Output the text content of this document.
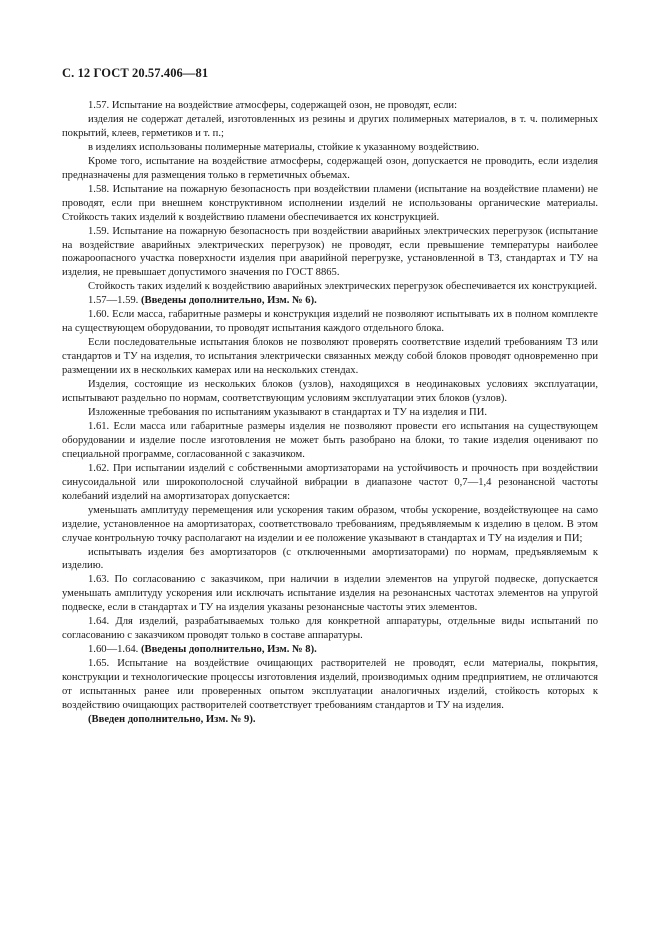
С. 12 ГОСТ 20.57.406—81

1.57. Испытание на воздействие атмосферы, содержащей озон, не проводят, если:

изделия не содержат деталей, изготовленных из резины и других полимерных материалов, в т. ч. полимерных покрытий, клеев, герметиков и т. п.;

в изделиях использованы полимерные материалы, стойкие к указанному воздействию.

Кроме того, испытание на воздействие атмосферы, содержащей озон, допускается не проводить, если изделия предназначены для размещения только в герметичных объемах.

1.58. Испытание на пожарную безопасность при воздействии пламени (испытание на воздействие пламени) не проводят, если при внешнем конструктивном исполнении изделий не использованы органические материалы. Стойкость таких изделий к воздействию пламени обеспечивается их конструкцией.

1.59. Испытание на пожарную безопасность при воздействии аварийных электрических перегрузок (испытание на воздействие аварийных электрических перегрузок) не проводят, если превышение температуры наиболее пожароопасного участка поверхности изделия при аварийной перегрузке, установленной в ТЗ, стандартах и ТУ на изделия, не превышает допустимого значения по ГОСТ 8865.

Стойкость таких изделий к воздействию аварийных электрических перегрузок обеспечивается их конструкцией.

1.57—1.59. (Введены дополнительно, Изм. № 6).

1.60. Если масса, габаритные размеры и конструкция изделий не позволяют испытывать их в полном комплекте на существующем оборудовании, то проводят испытания каждого отдельного блока.

Если последовательные испытания блоков не позволяют проверять соответствие изделий требованиям ТЗ или стандартов и ТУ на изделия, то испытания электрически связанных между собой блоков проводят одновременно при размещении их в нескольких камерах или на нескольких стендах.

Изделия, состоящие из нескольких блоков (узлов), находящихся в неодинаковых условиях эксплуатации, испытывают раздельно по нормам, соответствующим условиям эксплуатации этих блоков (узлов).

Изложенные требования по испытаниям указывают в стандартах и ТУ на изделия и ПИ.

1.61. Если масса или габаритные размеры изделия не позволяют провести его испытания на существующем оборудовании и изделие после изготовления не может быть разобрано на блоки, то такие изделия оценивают по специальной программе, согласованной с заказчиком.

1.62. При испытании изделий с собственными амортизаторами на устойчивость и прочность при воздействии синусоидальной или широкополосной случайной вибрации в диапазоне частот 0,7—1,4 резонансной частоты колебаний изделий на амортизаторах допускается:

уменьшать амплитуду перемещения или ускорения таким образом, чтобы ускорение, воздействующее на само изделие, установленное на амортизаторах, соответствовало требованиям, предъявляемым к изделию в целом. В этом случае контрольную точку располагают на изделии и ее положение указывают в стандартах и ТУ на изделия и ПИ;

испытывать изделия без амортизаторов (с отключенными амортизаторами) по нормам, предъявляемым к изделию.

1.63. По согласованию с заказчиком, при наличии в изделии элементов на упругой подвеске, допускается уменьшать амплитуду ускорения или исключать испытание изделия на резонансных частотах элементов на упругой подвеске, если в стандартах и ТУ на изделия указаны резонансные частоты этих элементов.

1.64. Для изделий, разрабатываемых только для конкретной аппаратуры, отдельные виды испытаний по согласованию с заказчиком проводят только в составе аппаратуры.

1.60—1.64. (Введены дополнительно, Изм. № 8).

1.65. Испытание на воздействие очищающих растворителей не проводят, если материалы, покрытия, конструкции и технологические процессы изготовления изделий, производимых одним предприятием, не отличаются от испытанных ранее или проверенных опытом эксплуатации аналогичных изделий, стойкость которых к воздействию очищающих растворителей соответствует требованиям стандартов и ТУ на изделия.

(Введен дополнительно, Изм. № 9).
